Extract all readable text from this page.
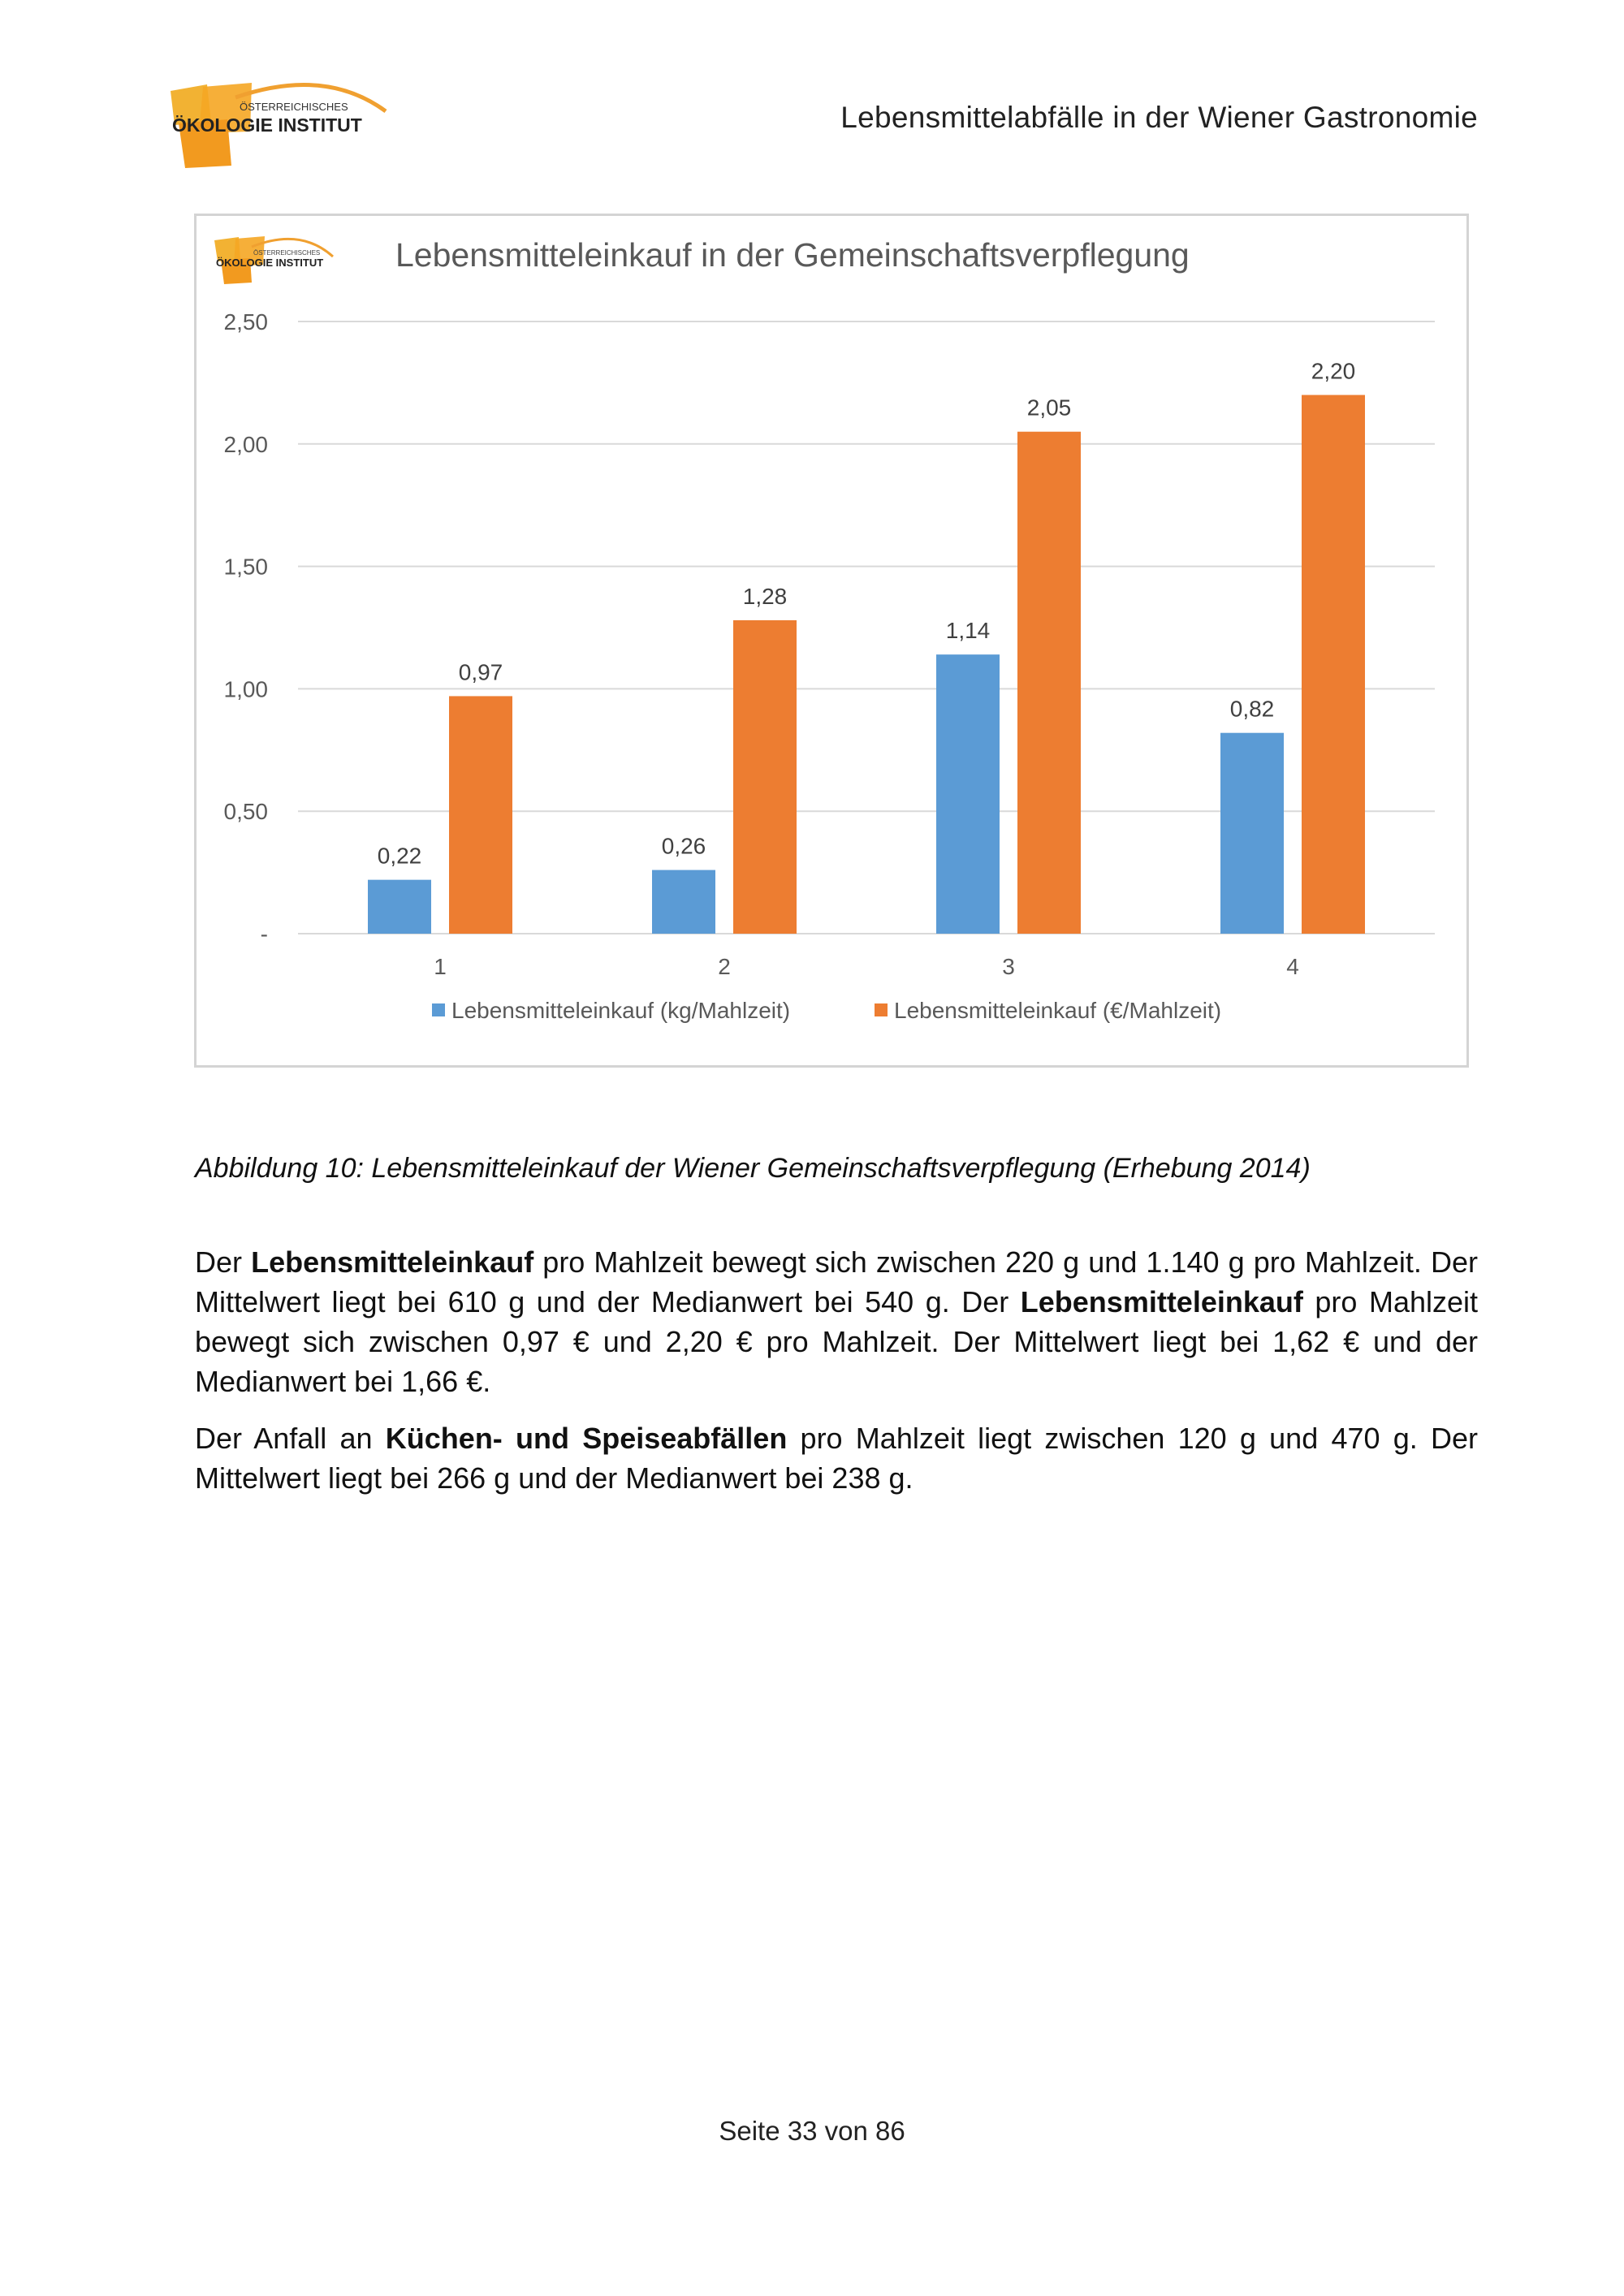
ÖSTERREICHISCHES
ÖKOLOGIE INSTITUT	Lebensmittelabfälle in der Wiener Gastronomie
ÖSTERREICHISCHES
ÖKOLOGIE INSTITUT Lebensmitteleinkauf in der Gemeinschaftsverpflegung
-
0,50
1,00
1,50
2,00
2,50
0,22
0,97
0,26
1,28
1,14
2,05
0,82
2,20
1	2	3	4
Lebensmitteleinkauf (kg/Mahlzeit)	Lebensmitteleinkauf (€/Mahlzeit)
Abbildung 10: Lebensmitteleinkauf der Wiener Gemeinschaftsverpflegung (Erhebung 2014)

Der Lebensmitteleinkauf pro Mahlzeit bewegt sich zwischen 220 g und 1.140 g pro Mahlzeit. Der Mittelwert liegt bei 610 g und der Medianwert bei 540 g. Der Lebensmitteleinkauf pro Mahlzeit bewegt sich zwischen 0,97 € und 2,20 € pro Mahlzeit. Der Mittelwert liegt bei 1,62 € und der Medianwert bei 1,66 €.

Der Anfall an Küchen- und Speiseabfällen pro Mahlzeit liegt zwischen 120 g und 470 g. Der Mittelwert liegt bei 266 g und der Medianwert bei 238 g.

Seite 33 von 86
